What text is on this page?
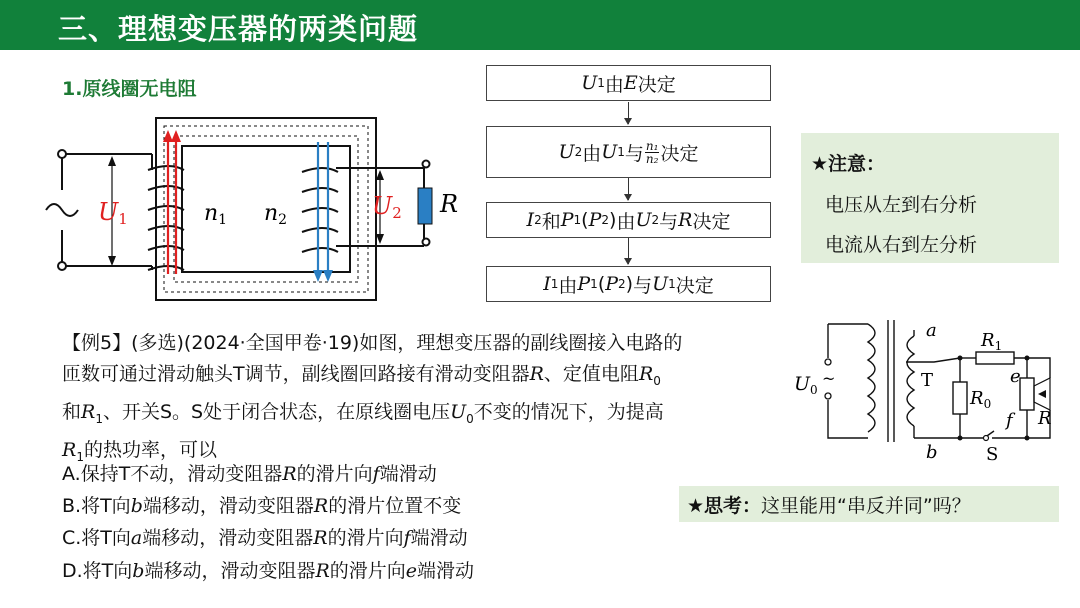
三、理想变压器的两类问题
1.原线圈无电阻
U1	n1 n2	U2 R
U 1 由 E 决定
U 2 由 U 1 与 $\frac{\text{n₁}}{\text{n₂}}$ 决定
I 2 和 P 1 ( P 2 ) 由 U 2 与 R 决定
I 1 由 P 1 ( P 2 ) 与 U 1 决定
★注意：
电压从左到右分析
电流从右到左分析
【例5】(多选)(2024·全国甲卷·19)如图，理想变压器的副线圈接入电路的
匝数可通过滑动触头T调节，副线圈回路接有滑动变阻器R、定值电阻$R_0$
和$R_1$、开关S。S处于闭合状态，在原线圈电压$U_0$不变的情况下，为提高
$R_1$的热功率，可以
A.保持T不动，滑动变阻器R的滑片向f端滑动
B.将T向b端移动，滑动变阻器R的滑片位置不变
C.将T向a端移动，滑动变阻器R的滑片向f端滑动
D.将T向b端移动，滑动变阻器R的滑片向e端滑动
$U_0$
~
a
b
T
$R_1$
$R_0$
e
f R
S
★思考： 这里能用“串反并同”吗？
